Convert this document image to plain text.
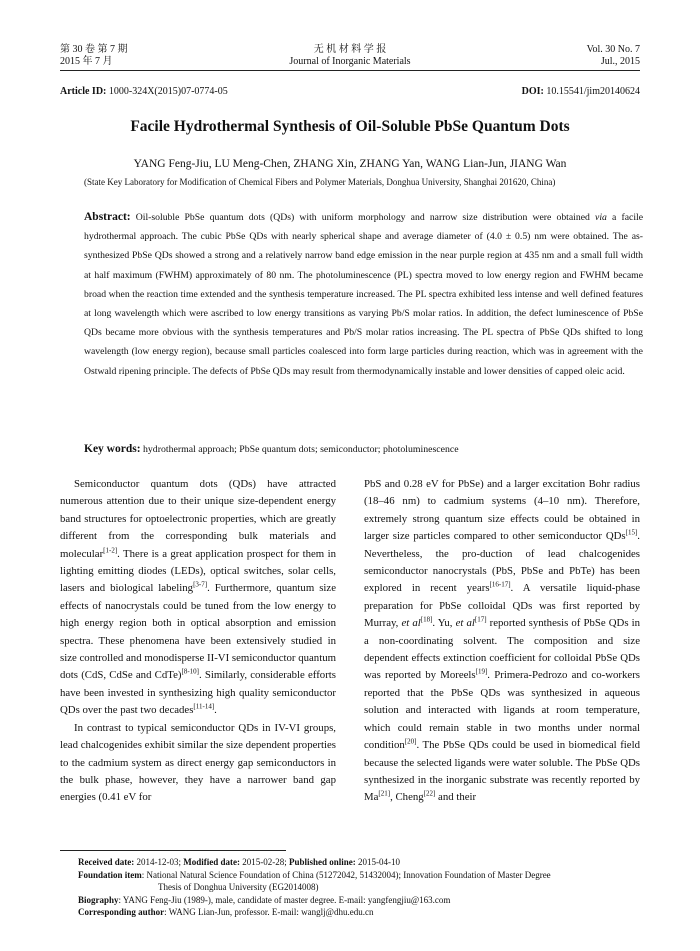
第 30 卷 第 7 期
2015 年 7 月
无 机 材 料 学 报
Journal of Inorganic Materials
Vol. 30 No. 7
Jul., 2015
Article ID: 1000-324X(2015)07-0774-05	DOI: 10.15541/jim20140624
Facile Hydrothermal Synthesis of Oil-Soluble PbSe Quantum Dots
YANG Feng-Jiu, LU Meng-Chen, ZHANG Xin, ZHANG Yan, WANG Lian-Jun, JIANG Wan
(State Key Laboratory for Modification of Chemical Fibers and Polymer Materials, Donghua University, Shanghai 201620, China)
Abstract: Oil-soluble PbSe quantum dots (QDs) with uniform morphology and narrow size distribution were obtained via a facile hydrothermal approach. The cubic PbSe QDs with nearly spherical shape and average diameter of (4.0 ± 0.5) nm were obtained. The as-synthesized PbSe QDs showed a strong and a relatively narrow band edge emission in the near purple region at 435 nm and a small full width at half maximum (FWHM) approximately of 80 nm. The photoluminescence (PL) spectra moved to low energy region and FWHM became broad when the reaction time extended and the synthesis temperature increased. The PL spectra exhibited less intense and well defined features at long wavelength which were ascribed to low energy transitions as varying Pb/S molar ratios. In addition, the defect luminescence of PbSe QDs became more obvious with the synthesis temperatures and Pb/S molar ratios increasing. The PL spectra of PbSe QDs shifted to long wavelength (low energy region), because small particles coalesced into form large particles during reaction, which was in agreement with the Ostwald ripening principle. The defects of PbSe QDs may result from thermodynamically instable and lower densities of capped oleic acid.
Key words: hydrothermal approach; PbSe quantum dots; semiconductor; photoluminescence

Semiconductor quantum dots (QDs) have attracted numerous attention due to their unique size-dependent energy band structures for optoelectronic properties, which are greatly different from the corresponding bulk materials and molecular[1-2]. There is a great application prospect for them in lighting emitting diodes (LEDs), optical switches, solar cells, lasers and biological labeling[3-7]. Furthermore, quantum size effects of nanocrystals could be tuned from the low energy to high energy region both in optical absorption and emission spectra. These phenomena have been extensively studied in size controlled and monodisperse II-VI semiconductor quantum dots (CdS, CdSe and CdTe)[8-10]. Similarly, considerable efforts have been invested in synthesizing high quality semiconductor QDs over the past two decades[11-14].

In contrast to typical semiconductor QDs in IV-VI groups, lead chalcogenides exhibit similar the size dependent properties to the cadmium system as direct energy gap semiconductors in the bulk phase, however, they have a narrower band gap energies (0.41 eV for

PbS and 0.28 eV for PbSe) and a larger excitation Bohr radius (18–46 nm) to cadmium systems (4–10 nm). Therefore, extremely strong quantum size effects could be obtained in larger size particles compared to other semiconductor QDs[15]. Nevertheless, the pro-duction of lead chalcogenides semiconductor nanocrystals (PbS, PbSe and PbTe) has been explored in recent years[16-17]. A versatile liquid-phase preparation for PbSe colloidal QDs was first reported by Murray, et al[18]. Yu, et al[17] reported synthesis of PbSe QDs in a non-coordinating solvent. The composition and size dependent effects extinction coefficient for colloidal PbSe QDs was reported by Moreels[19]. Primera-Pedrozo and co-workers reported that the PbSe QDs was synthesized in aqueous solution and interacted with ligands at room temperature, which could remain stable in two months under normal condition[20]. The PbSe QDs could be used in biomedical field because the selected ligands were water soluble. The PbSe QDs synthesized in the inorganic substrate was recently reported by Ma[21], Cheng[22] and their

Received date: 2014-12-03; Modified date: 2015-02-28; Published online: 2015-04-10
Foundation item: National Natural Science Foundation of China (51272042, 51432004); Innovation Foundation of Master Degree
Thesis of Donghua University (EG2014008)
Biography: YANG Feng-Jiu (1989-), male, candidate of master degree. E-mail: yangfengjiu@163.com
Corresponding author: WANG Lian-Jun, professor. E-mail: wanglj@dhu.edu.cn
